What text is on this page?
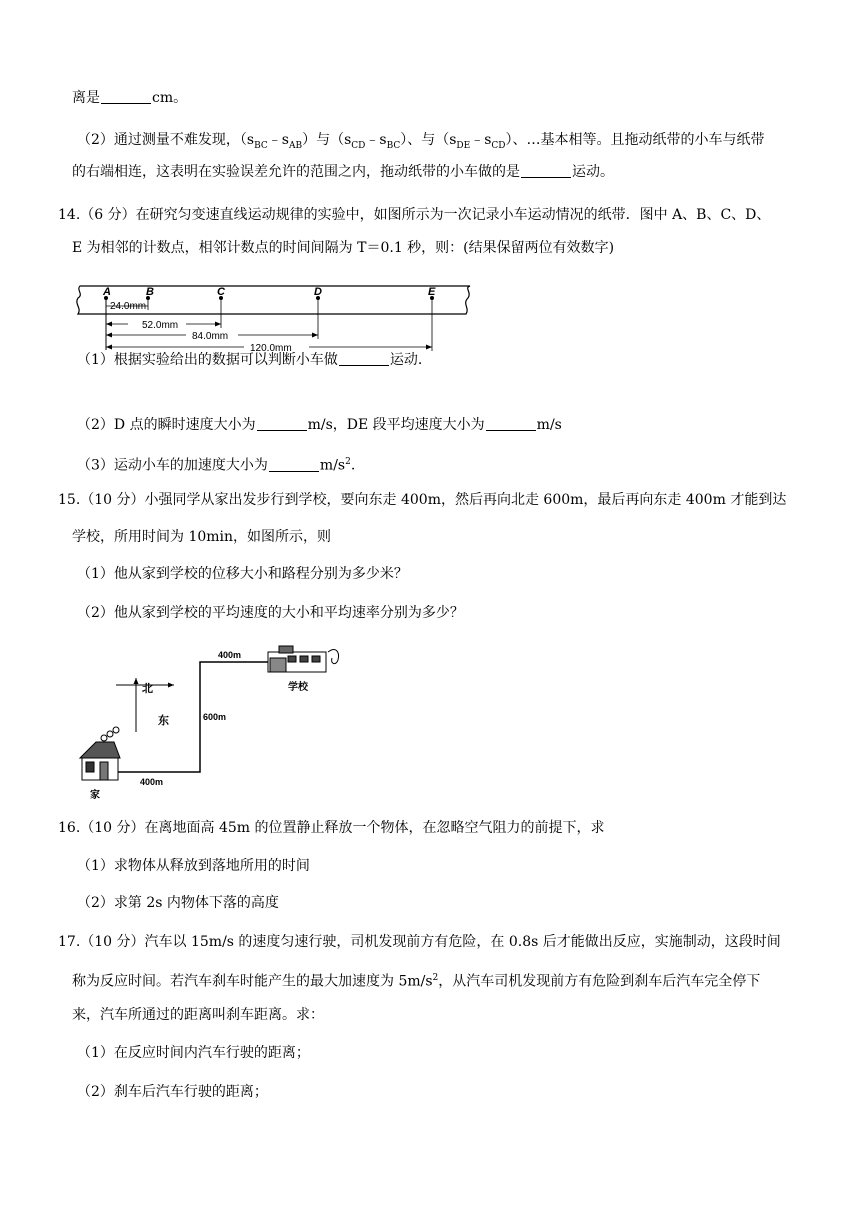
离是	cm。
（2）通过测量不难发现，$(s_{BC}﹣s_{AB})$与$(s_{CD}﹣s_{BC})$、与$(s_{DE}﹣s_{CD})$、…基本相等。且拖动纸带的小车与纸带
的右端相连，这表明在实验误差允许的范围之内，拖动纸带的小车做的是	运动。
14.（6 分）在研究匀变速直线运动规律的实验中，如图所示为一次记录小车运动情况的纸带．图中 A、B、C、D、
E 为相邻的计数点，相邻计数点的时间间隔为 T＝0.1 秒，则：(结果保留两位有效数字)
A	B	C	D	E
24.0mm
52.0mm
84.0mm
120.0mm
（1）根据实验给出的数据可以判断小车做	运动.
（2）D 点的瞬时速度大小为	m/s，DE 段平均速度大小为	m/s
（3）运动小车的加速度大小为	$m/s^2$.
15.（10 分）小强同学从家出发步行到学校，要向东走 400m，然后再向北走 600m，最后再向东走 400m 才能到达
学校，所用时间为 10min，如图所示，则
（1）他从家到学校的位移大小和路程分别为多少米？
（2）他从家到学校的平均速度的大小和平均速率分别为多少？
北
东
400m
600m
400m
学校
家
16.（10 分）在离地面高 45m 的位置静止释放一个物体，在忽略空气阻力的前提下，求
（1）求物体从释放到落地所用的时间
（2）求第 2s 内物体下落的高度
17.（10 分）汽车以 15m/s 的速度匀速行驶，司机发现前方有危险，在 0.8s 后才能做出反应，实施制动，这段时间
称为反应时间。若汽车刹车时能产生的最大加速度为 $5m/s^2$，从汽车司机发现前方有危险到刹车后汽车完全停下
来，汽车所通过的距离叫刹车距离。求：
（1）在反应时间内汽车行驶的距离；
（2）刹车后汽车行驶的距离；
